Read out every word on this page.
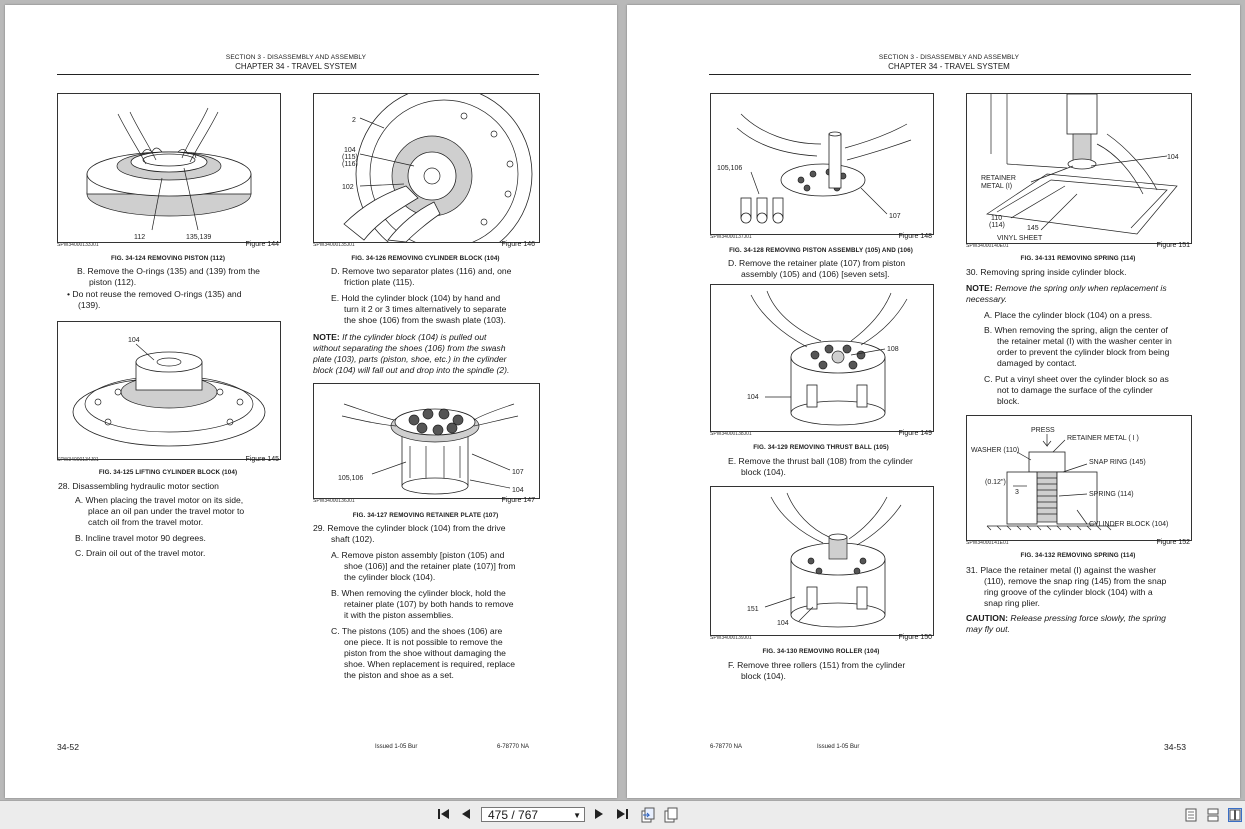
SECTION 3 - DISASSEMBLY AND ASSEMBLY
CHAPTER 34 - TRAVEL SYSTEM
112	135,139
SPW34000133J01	Figure 144
FIG. 34-124 REMOVING PISTON (112)
B. Remove the O-rings (135) and (139) from the
piston (112).
• Do not reuse the removed O-rings (135) and
(139).
104
SPW34000134J01	Figure 145
FIG. 34-125 LIFTING CYLINDER BLOCK (104)
28. Disassembling hydraulic motor section
A. When placing the travel motor on its side,
place an oil pan under the travel motor to
catch oil from the travel motor.
B. Incline travel motor 90 degrees.
C. Drain oil out of the travel motor.
2
104
(115)
(116)
102
SPW34000135J01	Figure 146
FIG. 34-126 REMOVING CYLINDER BLOCK (104)
D. Remove two separator plates (116) and, one
friction plate (115).
E. Hold the cylinder block (104) by hand and
turn it 2 or 3 times alternatively to separate
the shoe (106) from the swash plate (103).
NOTE: If the cylinder block (104) is pulled out
without separating the shoes (106) from the swash
plate (103), parts (piston, shoe, etc.) in the cylinder
block (104) will fall out and drop into the spindle (2).
105,106
107
104
SPW34000136J01	Figure 147
FIG. 34-127 REMOVING RETAINER PLATE (107)
29. Remove the cylinder block (104) from the drive
shaft (102).
A. Remove piston assembly [piston (105) and
shoe (106)] and the retainer plate (107)] from
the cylinder block (104).
B. When removing the cylinder block, hold the
retainer plate (107) by both hands to remove
it with the piston assemblies.
C. The pistons (105) and the shoes (106) are
one piece. It is not possible to remove the
piston from the shoe without damaging the
shoe. When replacement is required, replace
the piston and shoe as a set.
34-52	Issued 1-05 Bur	6-78770 NA
SECTION 3 - DISASSEMBLY AND ASSEMBLY
CHAPTER 34 - TRAVEL SYSTEM
105,106
107
SPW34000137J01	Figure 148
FIG. 34-128 REMOVING PISTON ASSEMBLY (105) AND (106)
D. Remove the retainer plate (107) from piston
assembly (105) and (106) [seven sets].
108
104
SPW34000138J01	Figure 149
FIG. 34-129 REMOVING THRUST BALL (105)
E. Remove the thrust ball (108) from the cylinder
block (104).
151
104
SPW34000139J01	Figure 150
FIG. 34-130 REMOVING ROLLER (104)
F. Remove three rollers (151) from the cylinder
block (104).
104
RETAINER
METAL (I)
110
(114)	145
VINYL SHEET
SPW34000140E01	Figure 151
FIG. 34-131 REMOVING SPRING (114)
30. Removing spring inside cylinder block.
NOTE: Remove the spring only when replacement is
necessary.
A. Place the cylinder block (104) on a press.
B. When removing the spring, align the center of
the retainer metal (I) with the washer center in
order to prevent the cylinder block from being
damaged by contact.
C. Put a vinyl sheet over the cylinder block so as
not to damage the surface of the cylinder
block.
PRESS
RETAINER METAL ( I )
WASHER (110)
SNAP RING (145)
(0.12")
3	SPRING (114)
CYLINDER BLOCK (104)
SPW34000141E01	Figure 152
FIG. 34-132 REMOVING SPRING (114)
31. Place the retainer metal (I) against the washer
(110), remove the snap ring (145) from the snap
ring groove of the cylinder block (104) with a
snap ring plier.
CAUTION: Release pressing force slowly, the spring
may fly out.
6-78770 NA	Issued 1-05 Bur	34-53
475 / 767	▼
